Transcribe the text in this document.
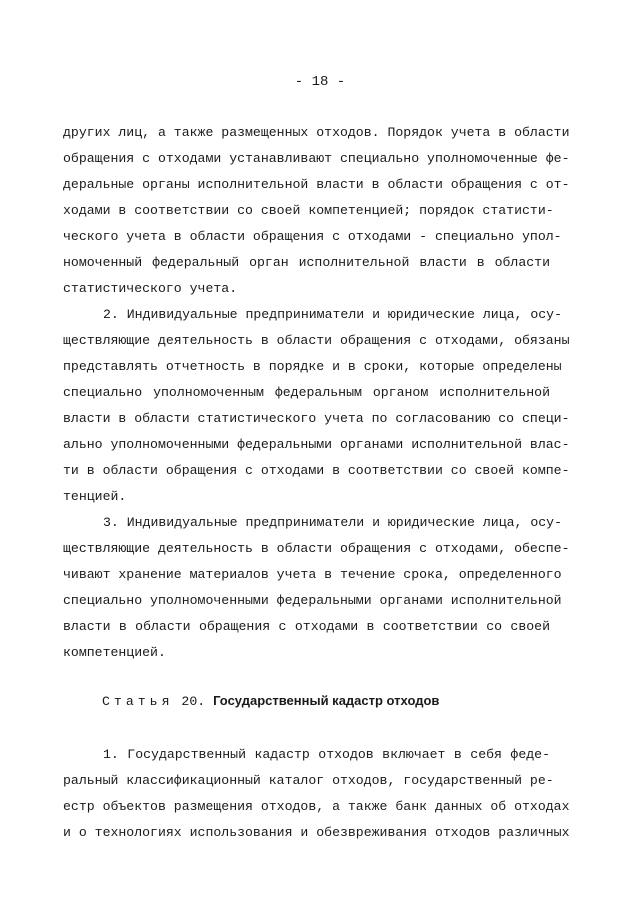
- 18 -
других лиц, а также размещенных отходов. Порядок учета в области
обращения с отходами устанавливают специально уполномоченные фе-
деральные органы исполнительной власти в области обращения с от-
ходами в соответствии со своей компетенцией; порядок статисти-
ческого учета в области обращения с отходами - специально упол-
номоченный федеральный орган исполнительной власти в области
статистического учета.
2. Индивидуальные предприниматели и юридические лица, осу-
ществляющие деятельность в области обращения с отходами, обязаны
представлять отчетность в порядке и в сроки, которые определены
специально уполномоченным федеральным органом исполнительной
власти в области статистического учета по согласованию со специ-
ально уполномоченными федеральными органами исполнительной влас-
ти в области обращения с отходами в соответствии со своей компе-
тенцией.
3. Индивидуальные предприниматели и юридические лица, осу-
ществляющие деятельность в области обращения с отходами, обеспе-
чивают хранение материалов учета в течение срока, определенного
специально уполномоченными федеральными органами исполнительной
власти в области обращения с отходами в соответствии со своей
компетенцией.
Статья 20. Государственный кадастр отходов
1. Государственный кадастр отходов включает в себя феде-
ральный классификационный каталог отходов, государственный ре-
естр объектов размещения отходов, а также банк данных об отходах
и о технологиях использования и обезвреживания отходов различных
